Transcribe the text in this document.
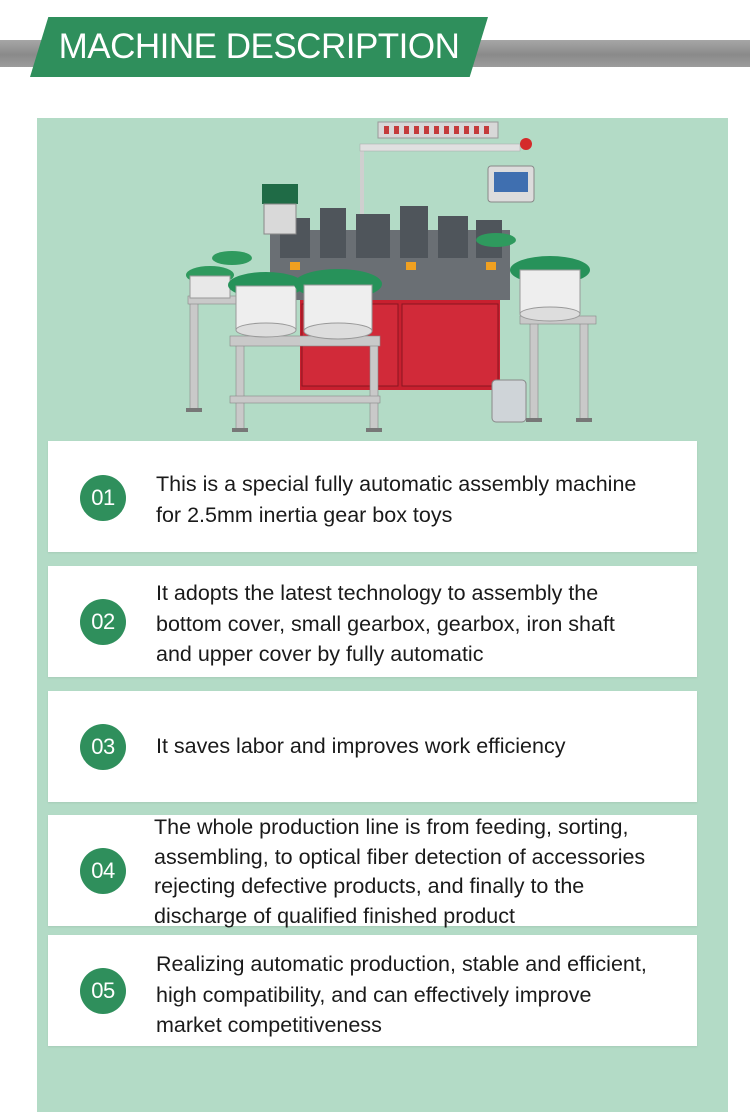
MACHINE DESCRIPTION
01
This is a special fully automatic assembly machine
for 2.5mm inertia gear box toys
02
It adopts the latest technology to assembly the
bottom cover, small gearbox, gearbox, iron shaft
and upper cover by fully automatic
03	It saves labor and improves work efficiency
04
The whole production line is from feeding, sorting,
assembling, to optical fiber detection of accessories
rejecting defective products, and finally to the
discharge of qualified finished product
05
Realizing automatic production, stable and efficient,
high compatibility, and can effectively improve
market competitiveness
